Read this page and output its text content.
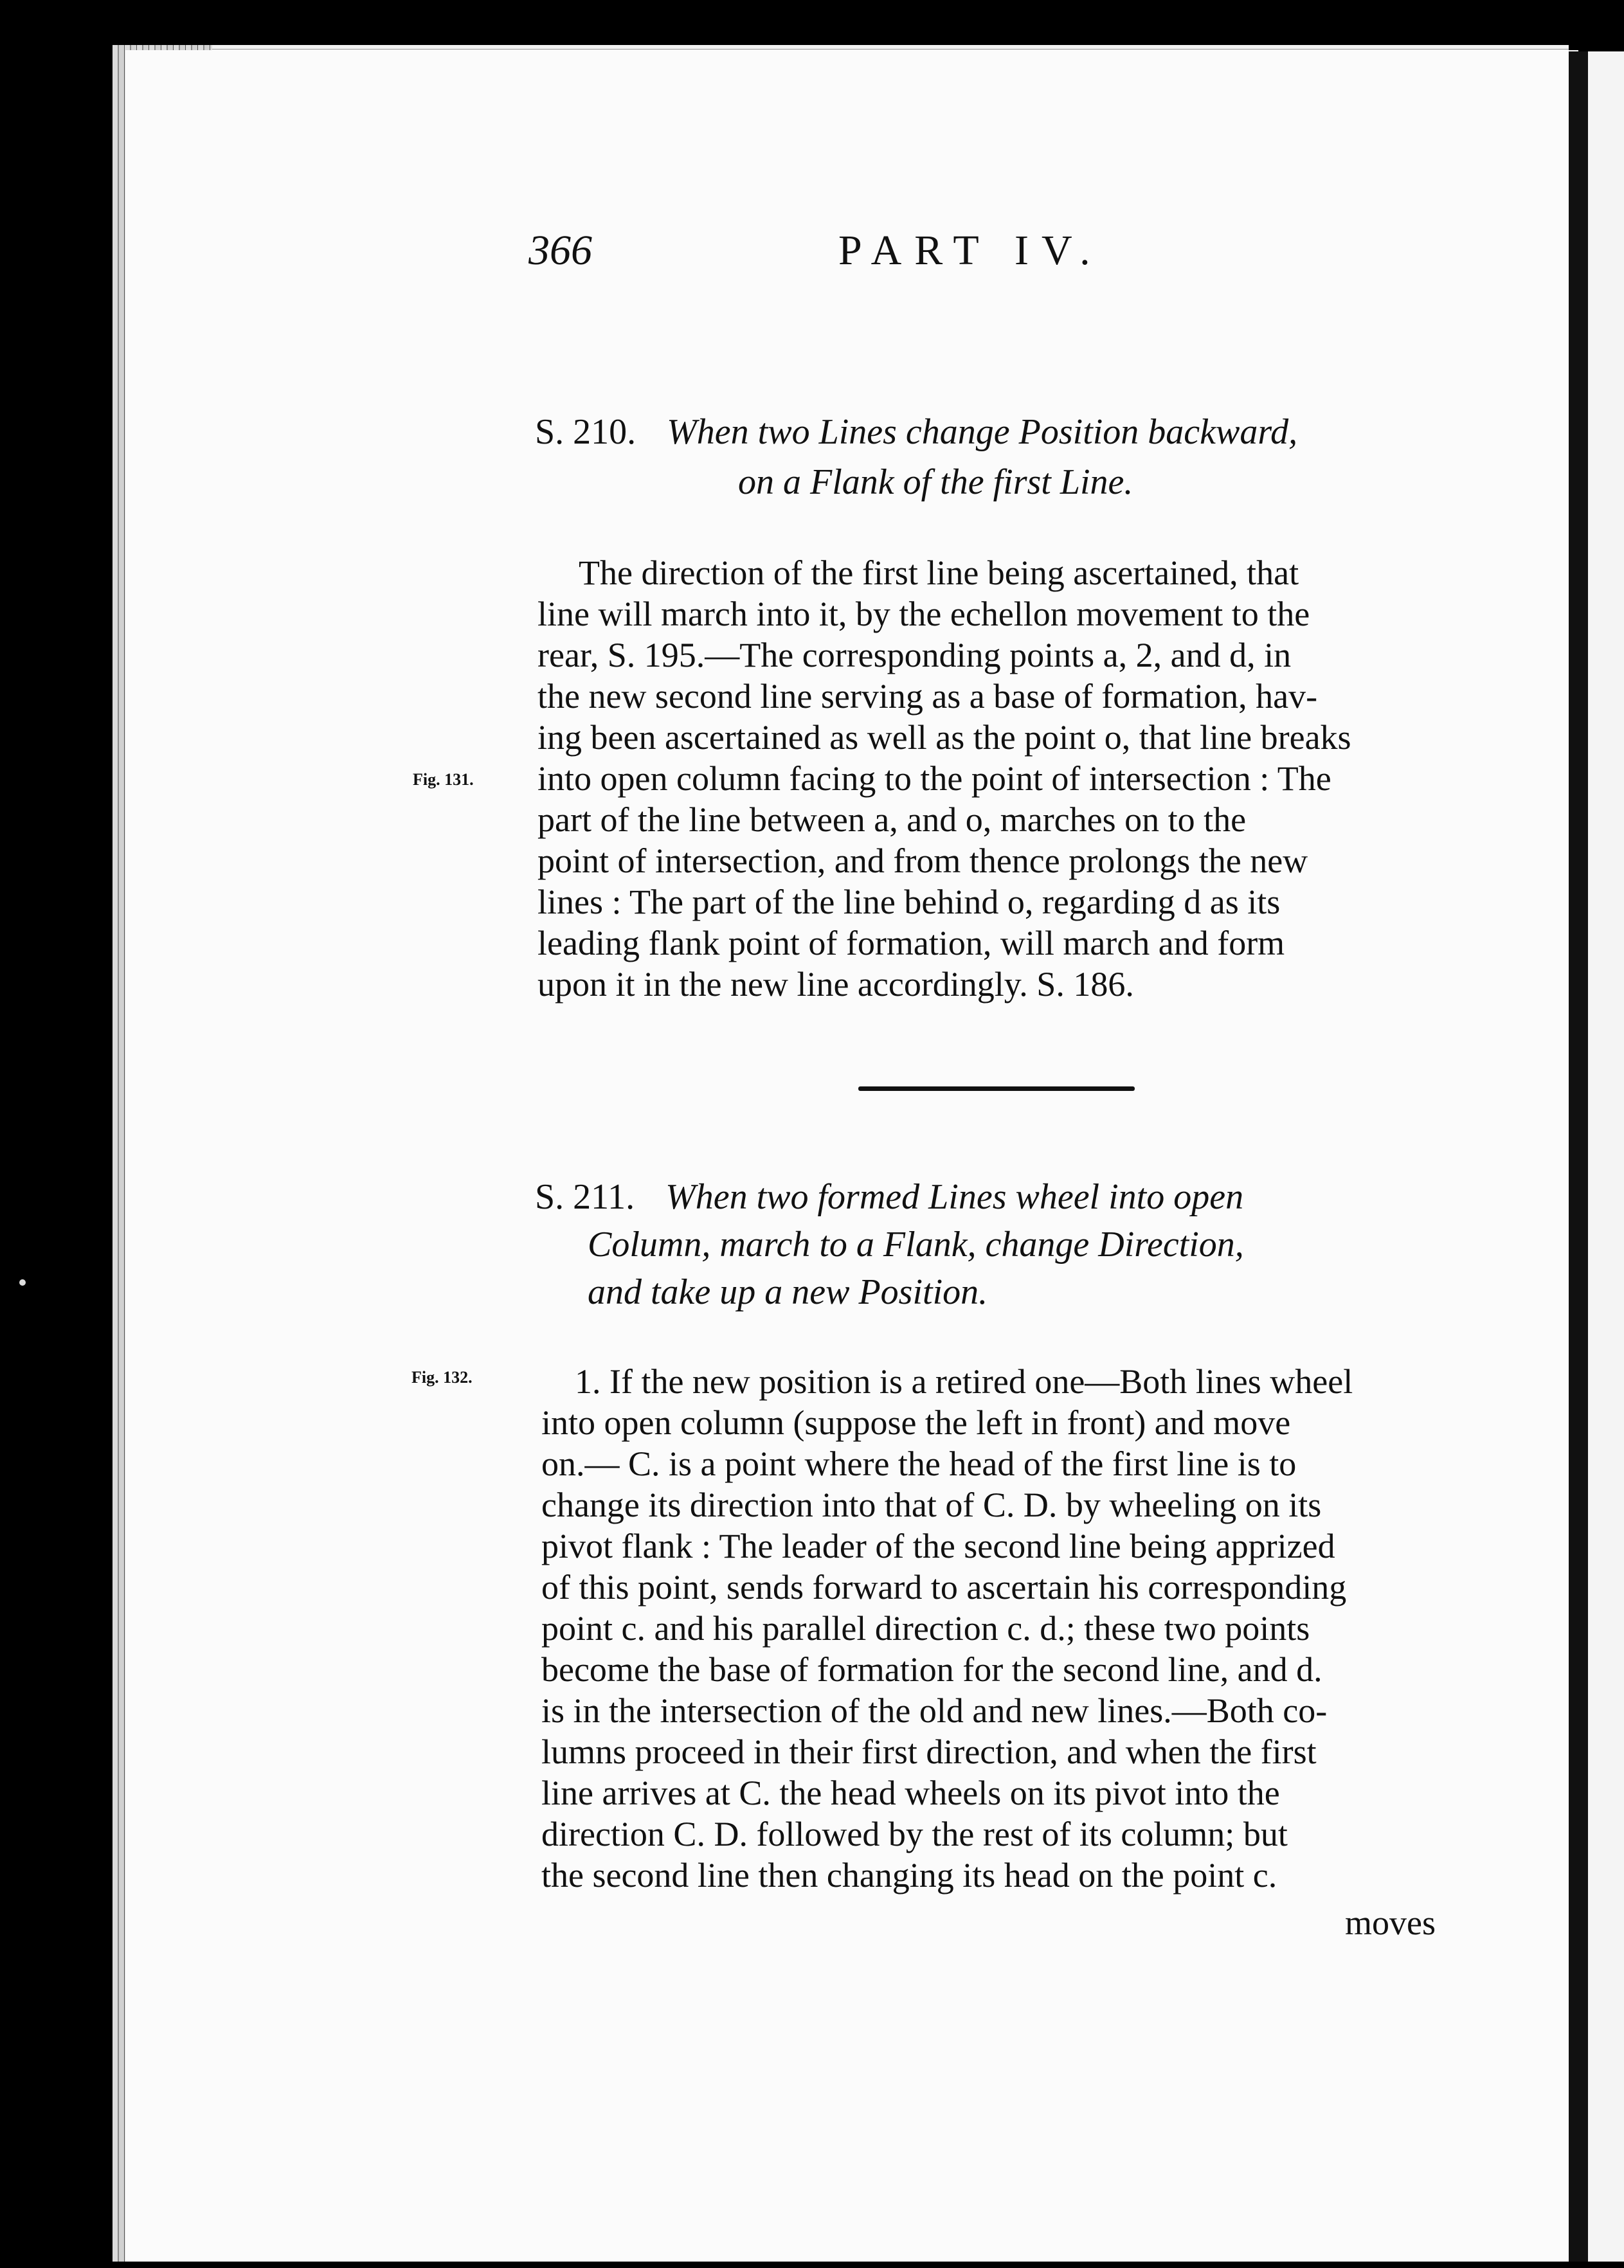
366	PART IV.
S. 210. When two Lines change Position backward,
on a Flank of the first Line.
The direction of the first line being ascertained, that
line will march into it, by the echellon movement to the
rear, S. 195.—The corresponding points a, 2, and d, in
the new second line serving as a base of formation, hav-
ing been ascertained as well as the point o, that line breaks
Fig. 131. into open column facing to the point of intersection : The
part of the line between a, and o, marches on to the
point of intersection, and from thence prolongs the new
lines : The part of the line behind o, regarding d as its
leading flank point of formation, will march and form
upon it in the new line accordingly. S. 186.
S. 211. When two formed Lines wheel into open
Column, march to a Flank, change Direction,
and take up a new Position.
Fig. 132.	1. If the new position is a retired one—Both lines wheel
into open column (suppose the left in front) and move
on.— C. is a point where the head of the first line is to
change its direction into that of C. D. by wheeling on its
pivot flank : The leader of the second line being apprized
of this point, sends forward to ascertain his corresponding
point c. and his parallel direction c. d.; these two points
become the base of formation for the second line, and d.
is in the intersection of the old and new lines.—Both co-
lumns proceed in their first direction, and when the first
line arrives at C. the head wheels on its pivot into the
direction C. D. followed by the rest of its column; but
the second line then changing its head on the point c.
moves
